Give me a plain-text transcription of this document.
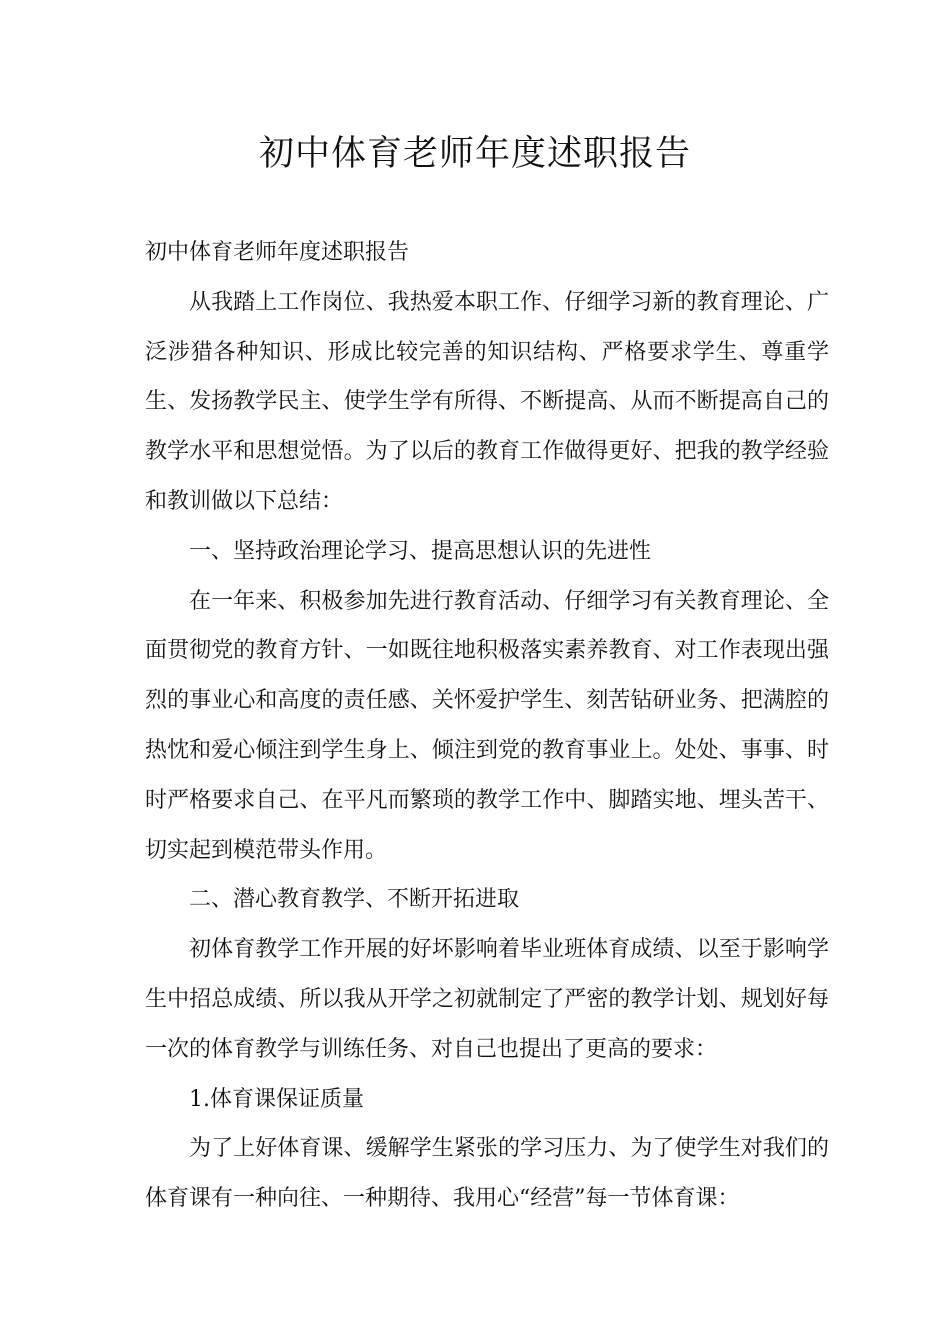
初中体育老师年度述职报告

初中体育老师年度述职报告

从我踏上工作岗位、我热爱本职工作、仔细学习新的教育理论、广泛涉猎各种知识、形成比较完善的知识结构、严格要求学生、尊重学生、发扬教学民主、使学生学有所得、不断提高、从而不断提高自己的教学水平和思想觉悟。为了以后的教育工作做得更好、把我的教学经验和教训做以下总结：

一、坚持政治理论学习、提高思想认识的先进性

在一年来、积极参加先进行教育活动、仔细学习有关教育理论、全面贯彻党的教育方针、一如既往地积极落实素养教育、对工作表现出强烈的事业心和高度的责任感、关怀爱护学生、刻苦钻研业务、把满腔的热忱和爱心倾注到学生身上、倾注到党的教育事业上。处处、事事、时时严格要求自己、在平凡而繁琐的教学工作中、脚踏实地、埋头苦干、切实起到模范带头作用。

二、潜心教育教学、不断开拓进取

初体育教学工作开展的好坏影响着毕业班体育成绩、以至于影响学生中招总成绩、所以我从开学之初就制定了严密的教学计划、规划好每一次的体育教学与训练任务、对自己也提出了更高的要求：

1.体育课保证质量

为了上好体育课、缓解学生紧张的学习压力、为了使学生对我们的体育课有一种向往、一种期待、我用心“经营”每一节体育课：
